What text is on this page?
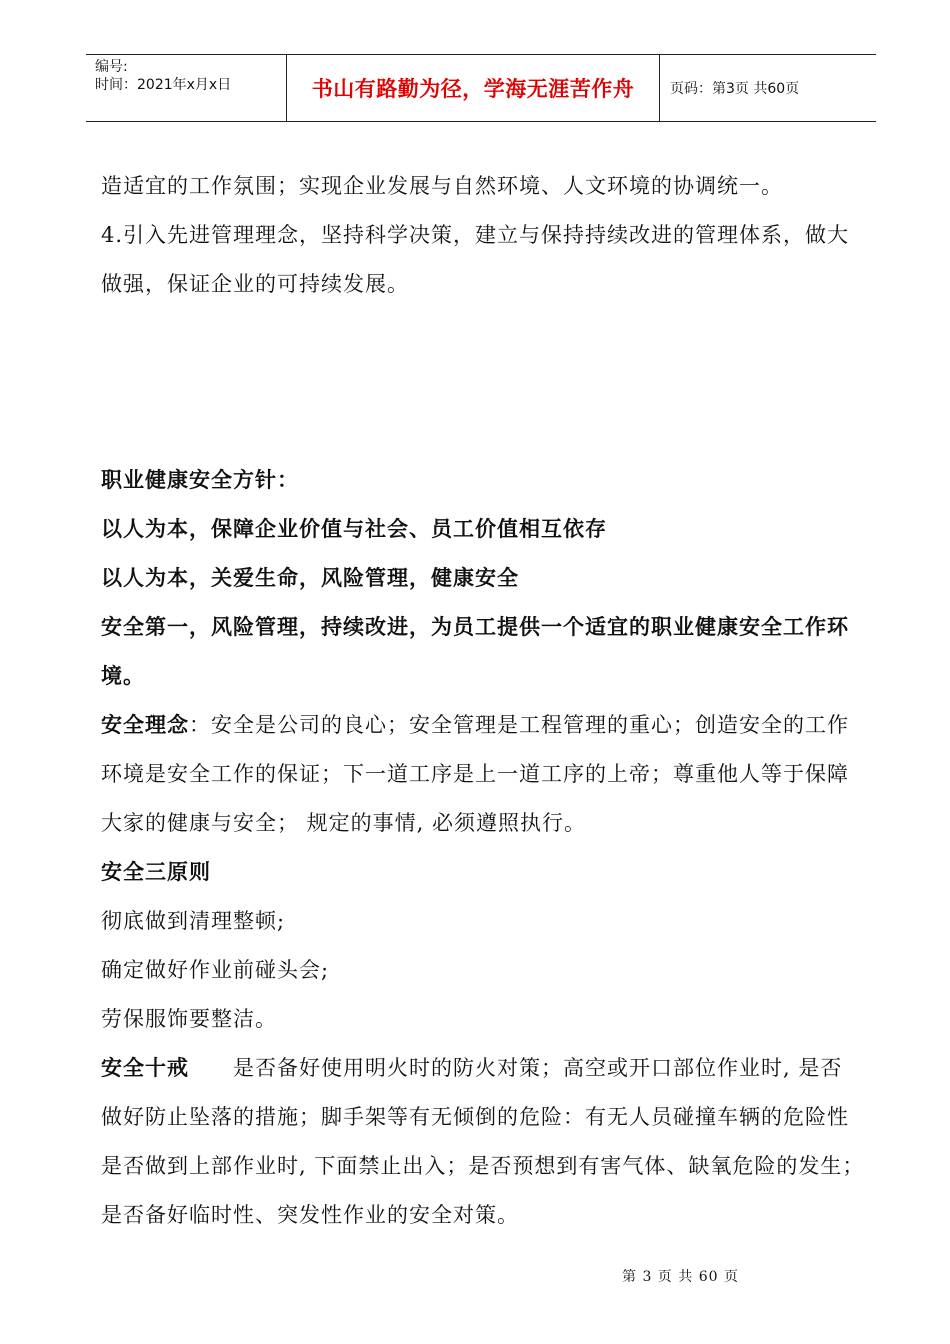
编号:
时间：2021年x月x日	书山有路勤为径，学海无涯苦作舟	页码：第3页 共60页

造适宜的工作氛围；实现企业发展与自然环境、人文环境的协调统一。

4.引入先进管理理念，坚持科学决策，建立与保持持续改进的管理体系，做大

做强，保证企业的可持续发展。

职业健康安全方针：

以人为本，保障企业价值与社会、员工价值相互依存

以人为本，关爱生命，风险管理，健康安全

安全第一，风险管理，持续改进，为员工提供一个适宜的职业健康安全工作环

境。

安全理念：安全是公司的良心；安全管理是工程管理的重心；创造安全的工作

环境是安全工作的保证；下一道工序是上一道工序的上帝；尊重他人等于保障

大家的健康与安全； 规定的事情, 必须遵照执行。

安全三原则

彻底做到清理整顿;

确定做好作业前碰头会;

劳保服饰要整洁。

安全十戒 是否备好使用明火时的防火对策；高空或开口部位作业时, 是否

做好防止坠落的措施；脚手架等有无倾倒的危险：有无人员碰撞车辆的危险性

是否做到上部作业时, 下面禁止出入；是否预想到有害气体、缺氧危险的发生；

是否备好临时性、突发性作业的安全对策。

第 3 页 共 60 页
